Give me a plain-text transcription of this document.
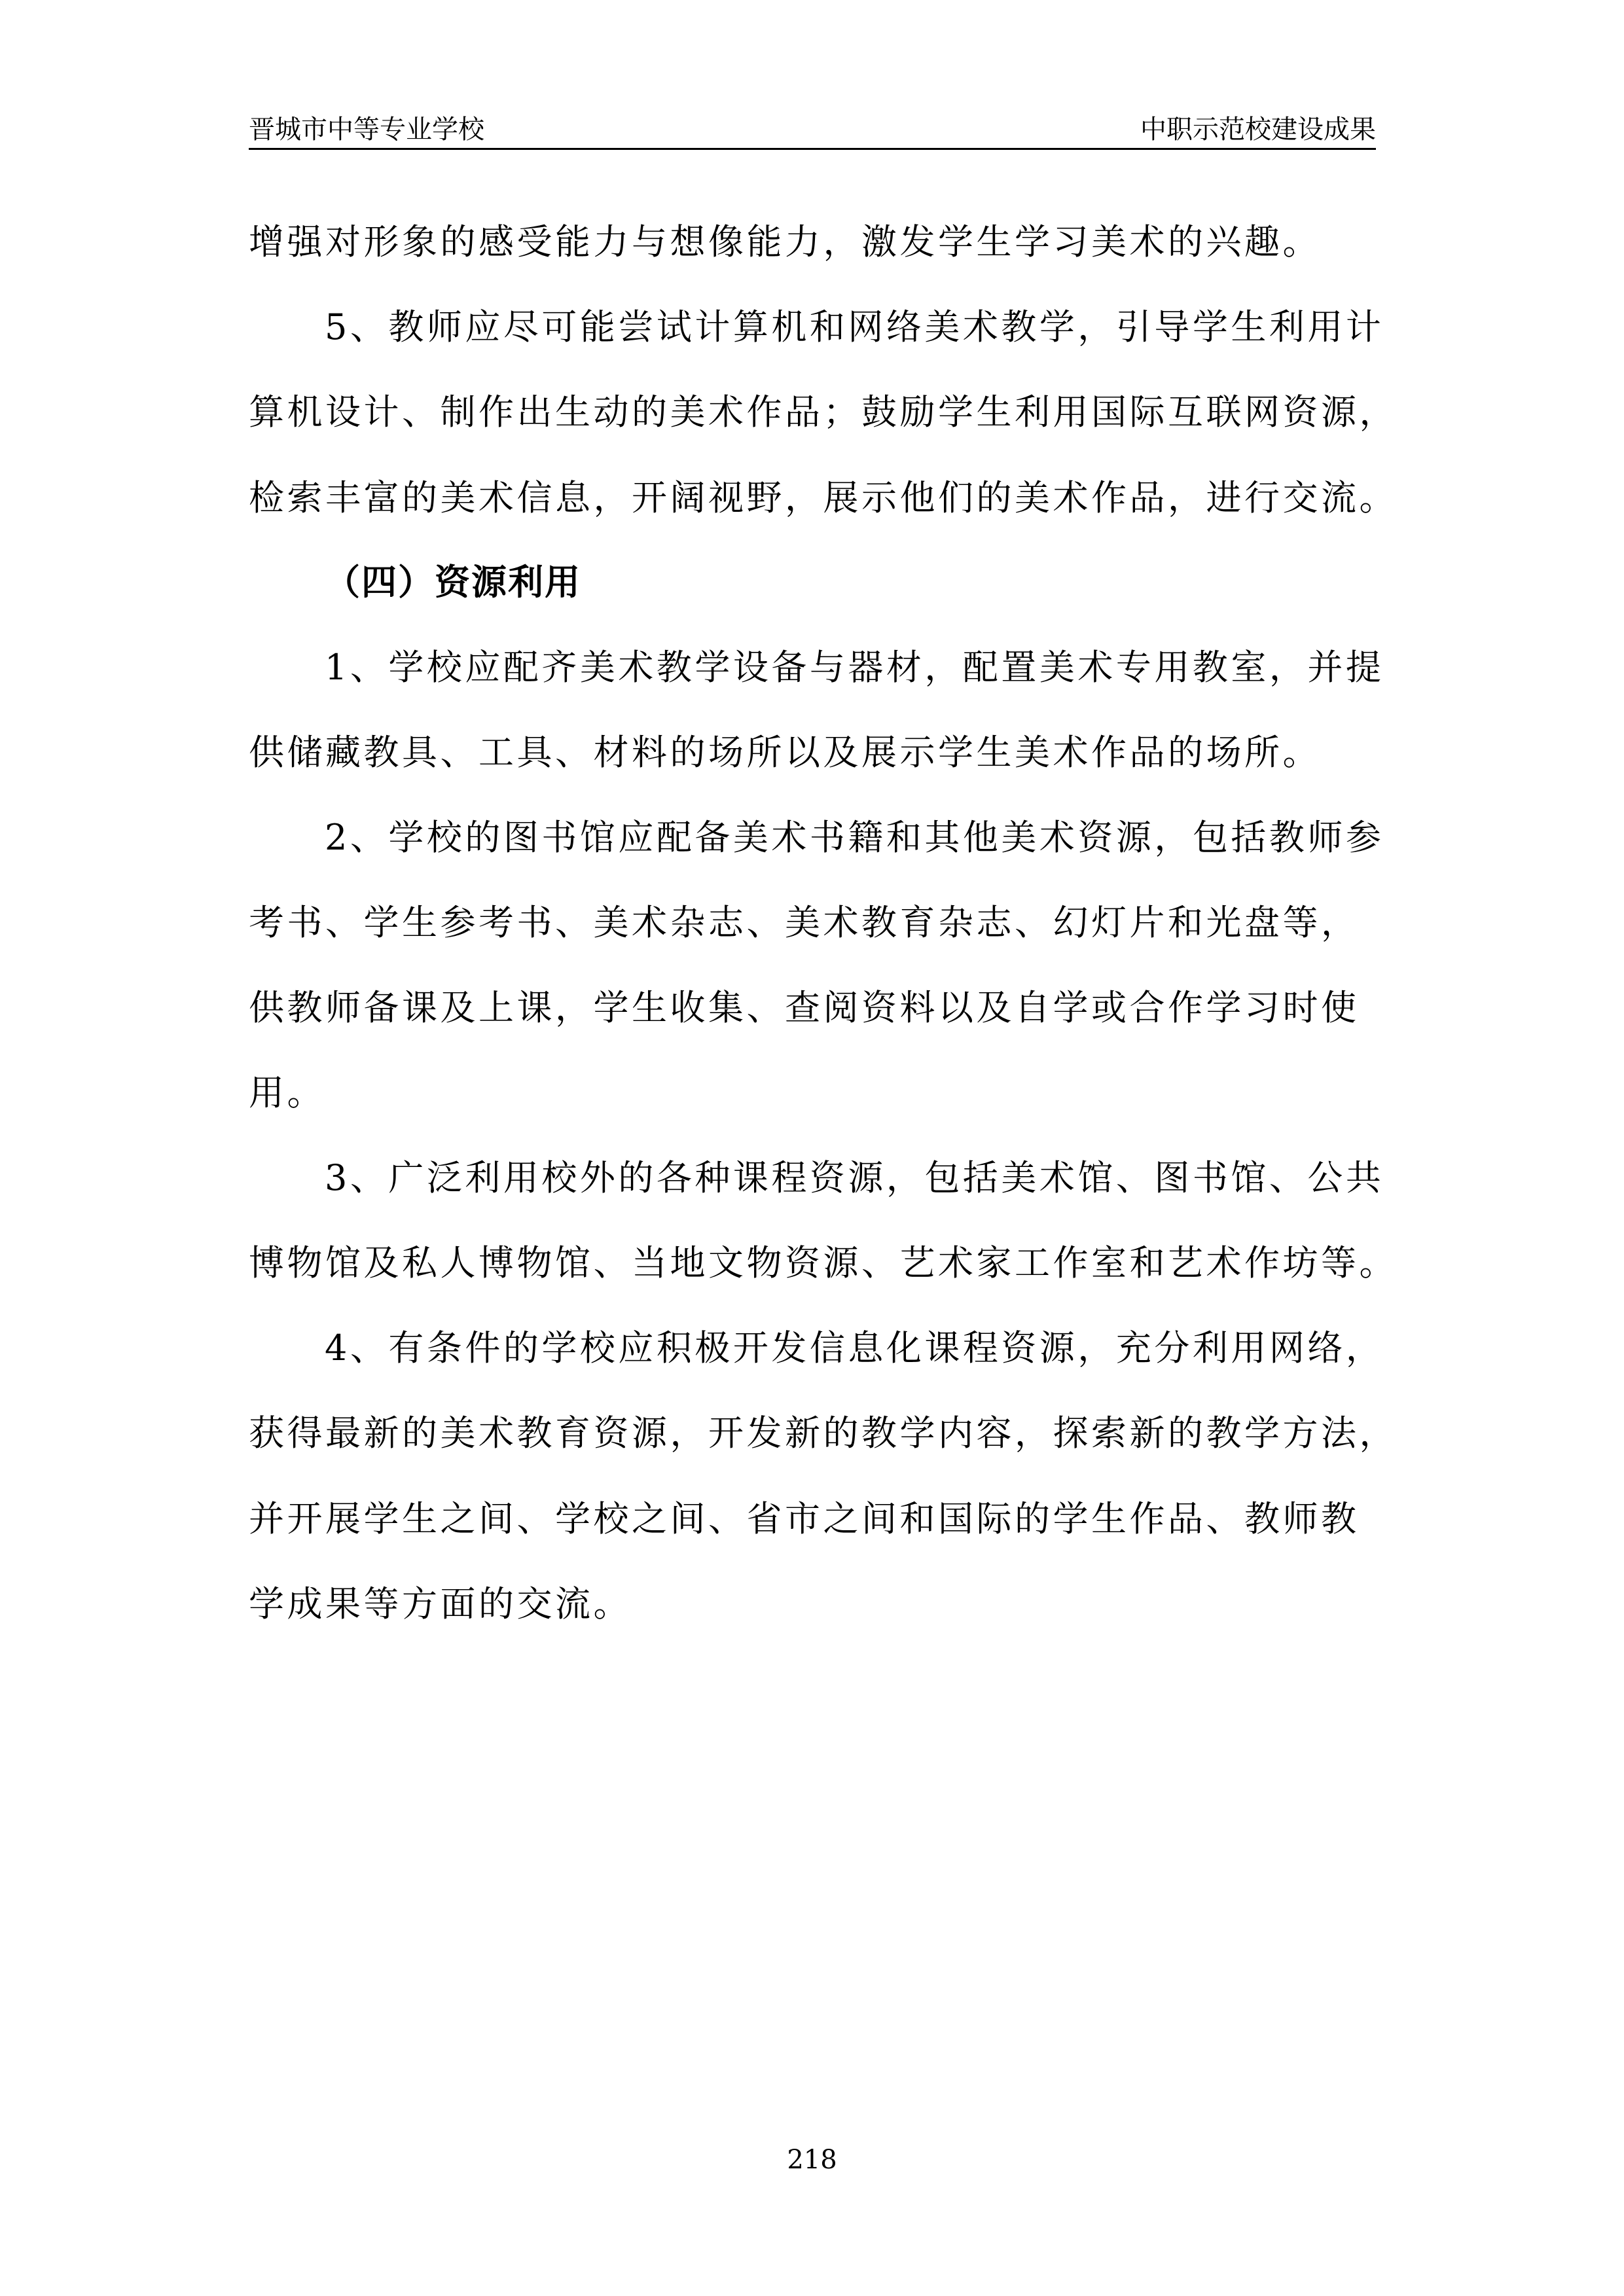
晋城市中等专业学校	中职示范校建设成果
增强对形象的感受能力与想像能力，激发学生学习美术的兴趣。
5、教师应尽可能尝试计算机和网络美术教学，引导学生利用计
算机设计、制作出生动的美术作品；鼓励学生利用国际互联网资源，
检索丰富的美术信息，开阔视野，展示他们的美术作品，进行交流。
（四）资源利用
1、学校应配齐美术教学设备与器材，配置美术专用教室，并提
供储藏教具、工具、材料的场所以及展示学生美术作品的场所。
2、学校的图书馆应配备美术书籍和其他美术资源，包括教师参
考书、学生参考书、美术杂志、美术教育杂志、幻灯片和光盘等，
供教师备课及上课，学生收集、查阅资料以及自学或合作学习时使
用。
3、广泛利用校外的各种课程资源，包括美术馆、图书馆、公共
博物馆及私人博物馆、当地文物资源、艺术家工作室和艺术作坊等。
4、有条件的学校应积极开发信息化课程资源，充分利用网络，
获得最新的美术教育资源，开发新的教学内容，探索新的教学方法，
并开展学生之间、学校之间、省市之间和国际的学生作品、教师教
学成果等方面的交流。
218
